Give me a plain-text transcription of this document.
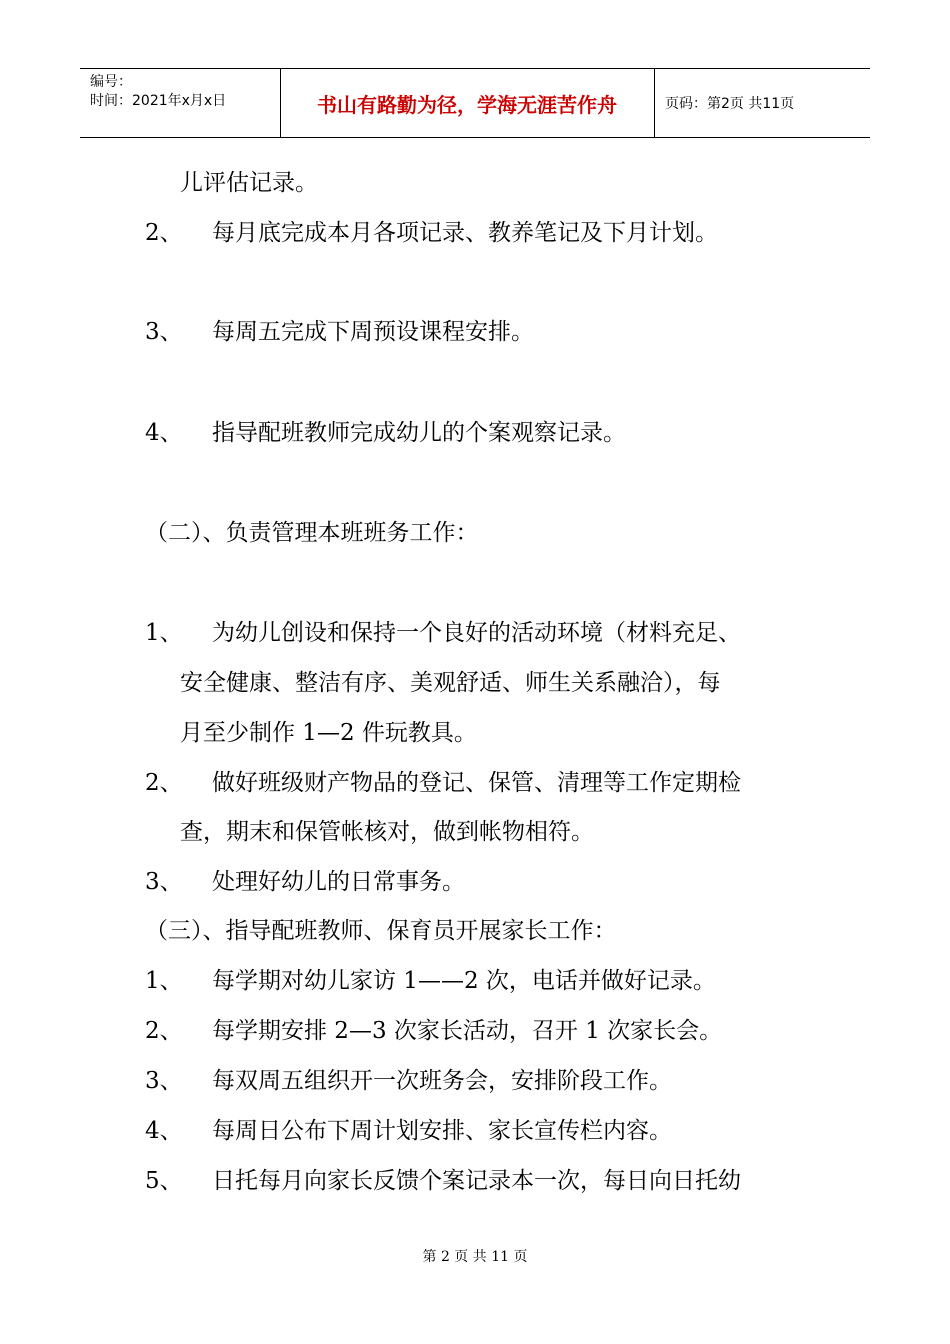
编号：
时间：2021年x月x日	书山有路勤为径，学海无涯苦作舟	页码：第2页 共11页
儿评估记录。
2、 每月底完成本月各项记录、教养笔记及下月计划。
3、 每周五完成下周预设课程安排。
4、 指导配班教师完成幼儿的个案观察记录。
（二）、负责管理本班班务工作：
1、 为幼儿创设和保持一个良好的活动环境（材料充足、
安全健康、整洁有序、美观舒适、师生关系融洽），每
月至少制作 1—2 件玩教具。
2、 做好班级财产物品的登记、保管、清理等工作定期检
查，期末和保管帐核对，做到帐物相符。
3、 处理好幼儿的日常事务。
（三）、指导配班教师、保育员开展家长工作：
1、 每学期对幼儿家访 1——2 次，电话并做好记录。
2、 每学期安排 2—3 次家长活动，召开 1 次家长会。
3、 每双周五组织开一次班务会，安排阶段工作。
4、 每周日公布下周计划安排、家长宣传栏内容。
5、 日托每月向家长反馈个案记录本一次，每日向日托幼
第 2 页 共 11 页
